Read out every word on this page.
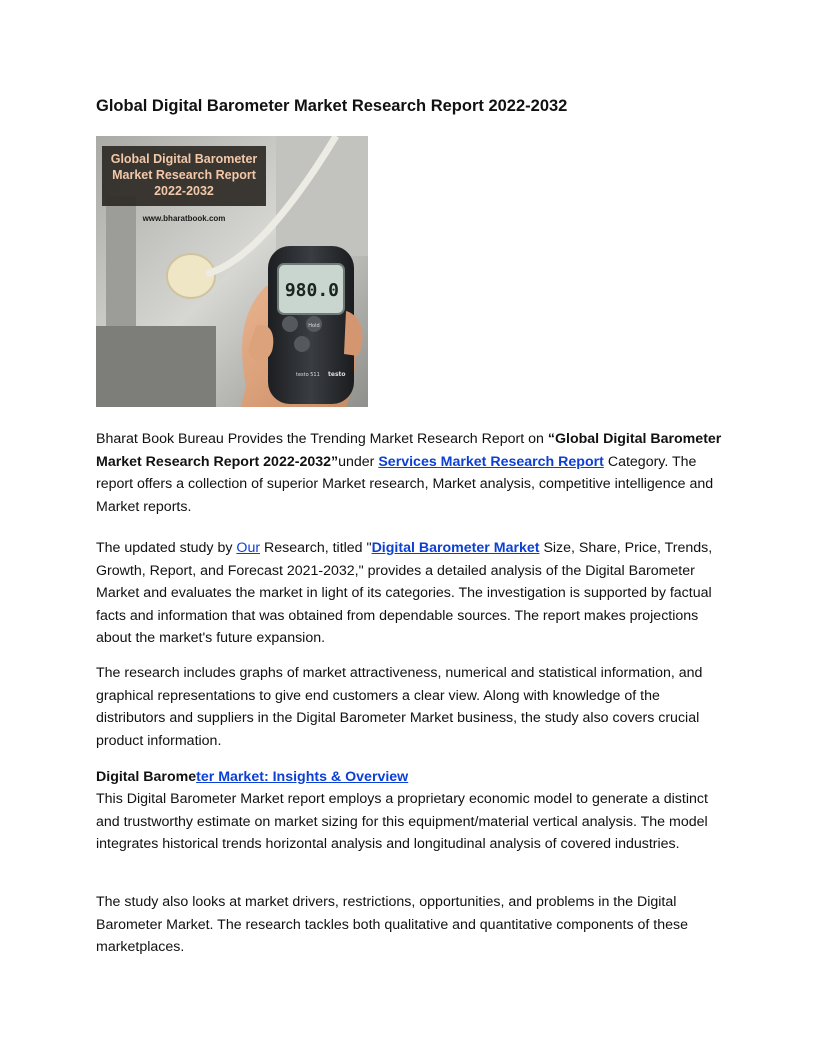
Global Digital Barometer Market Research Report 2022-2032
980.0
Hold
testo 511 testo
Global Digital Barometer
Market Research Report
2022-2032
www.bharatbook.com

Bharat Book Bureau Provides the Trending Market Research Report on “Global Digital Barometer Market Research Report 2022-2032”under Services Market Research Report Category. The report offers a collection of superior Market research, Market analysis, competitive intelligence and Market reports.

The updated study by Our Research, titled "Digital Barometer Market Size, Share, Price, Trends, Growth, Report, and Forecast 2021-2032," provides a detailed analysis of the Digital Barometer Market and evaluates the market in light of its categories. The investigation is supported by factual facts and information that was obtained from dependable sources. The report makes projections about the market's future expansion.

The research includes graphs of market attractiveness, numerical and statistical information, and graphical representations to give end customers a clear view. Along with knowledge of the distributors and suppliers in the Digital Barometer Market business, the study also covers crucial product information.

Digital Barometer Market: Insights & Overview

This Digital Barometer Market report employs a proprietary economic model to generate a distinct and trustworthy estimate on market sizing for this equipment/material vertical analysis. The model integrates historical trends horizontal analysis and longitudinal analysis of covered industries.

The study also looks at market drivers, restrictions, opportunities, and problems in the Digital Barometer Market. The research tackles both qualitative and quantitative components of these marketplaces.
